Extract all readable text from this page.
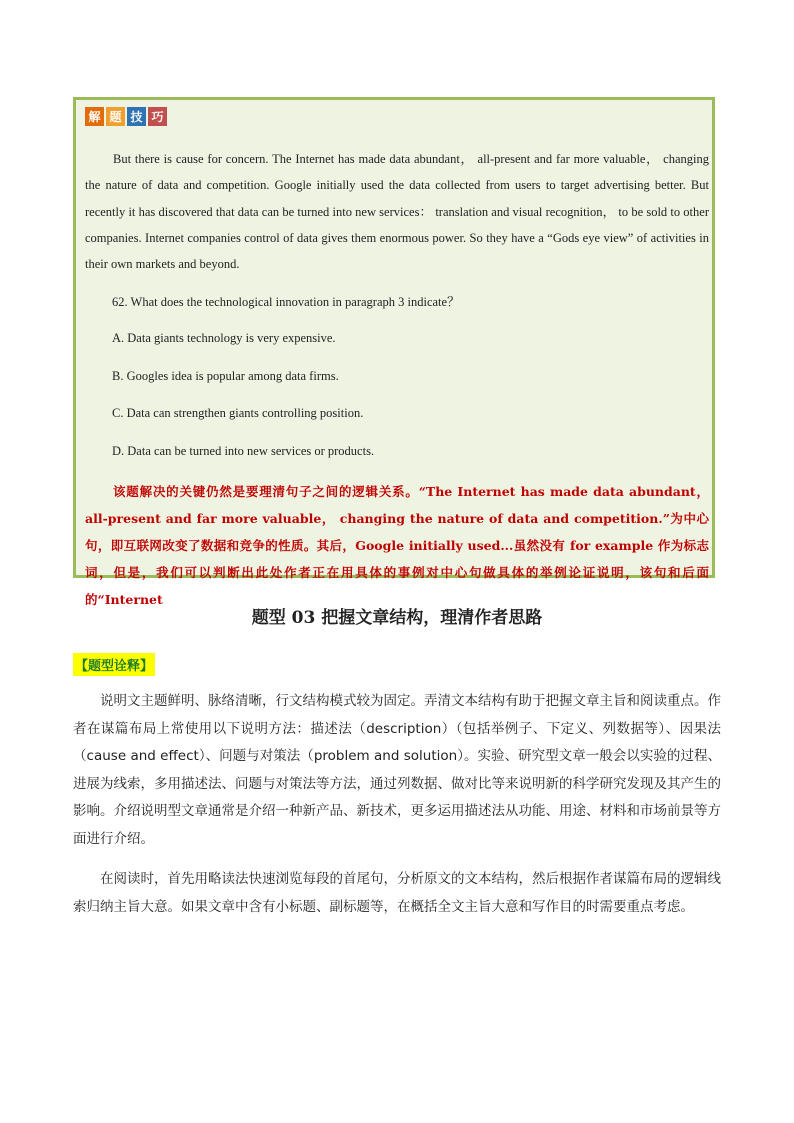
解 题 技 巧

But there is cause for concern. The Internet has made data abundant， all-present and far more valuable， changing the nature of data and competition. Google initially used the data collected from users to target advertising better. But recently it has discovered that data can be turned into new services： translation and visual recognition， to be sold to other companies. Internet companies control of data gives them enormous power. So they have a “Gods eye view” of activities in their own markets and beyond.

62. What does the technological innovation in paragraph 3 indicate？

A. Data giants technology is very expensive.

B. Googles idea is popular among data firms.

C. Data can strengthen giants controlling position.

D. Data can be turned into new services or products.

该题解决的关键仍然是要理清句子之间的逻辑关系。“The Internet has made data abundant， all-present and far more valuable， changing the nature of data and competition.”为中心句，即互联网改变了数据和竞争的性质。其后，Google initially used...虽然没有 for example 作为标志词，但是，我们可以判断出此处作者正在用具体的事例对中心句做具体的举例论证说明，该句和后面的“Internet

题型 03 把握文章结构，理清作者思路
【题型诠释】

说明文主题鲜明、脉络清晰，行文结构模式较为固定。弄清文本结构有助于把握文章主旨和阅读重点。作者在谋篇布局上常使用以下说明方法：描述法（description）（包括举例子、下定义、列数据等）、因果法（cause and effect）、问题与对策法（problem and solution）。实验、研究型文章一般会以实验的过程、进展为线索，多用描述法、问题与对策法等方法，通过列数据、做对比等来说明新的科学研究发现及其产生的影响。介绍说明型文章通常是介绍一种新产品、新技术，更多运用描述法从功能、用途、材料和市场前景等方面进行介绍。

在阅读时，首先用略读法快速浏览每段的首尾句，分析原文的文本结构，然后根据作者谋篇布局的逻辑线索归纳主旨大意。如果文章中含有小标题、副标题等，在概括全文主旨大意和写作目的时需要重点考虑。
